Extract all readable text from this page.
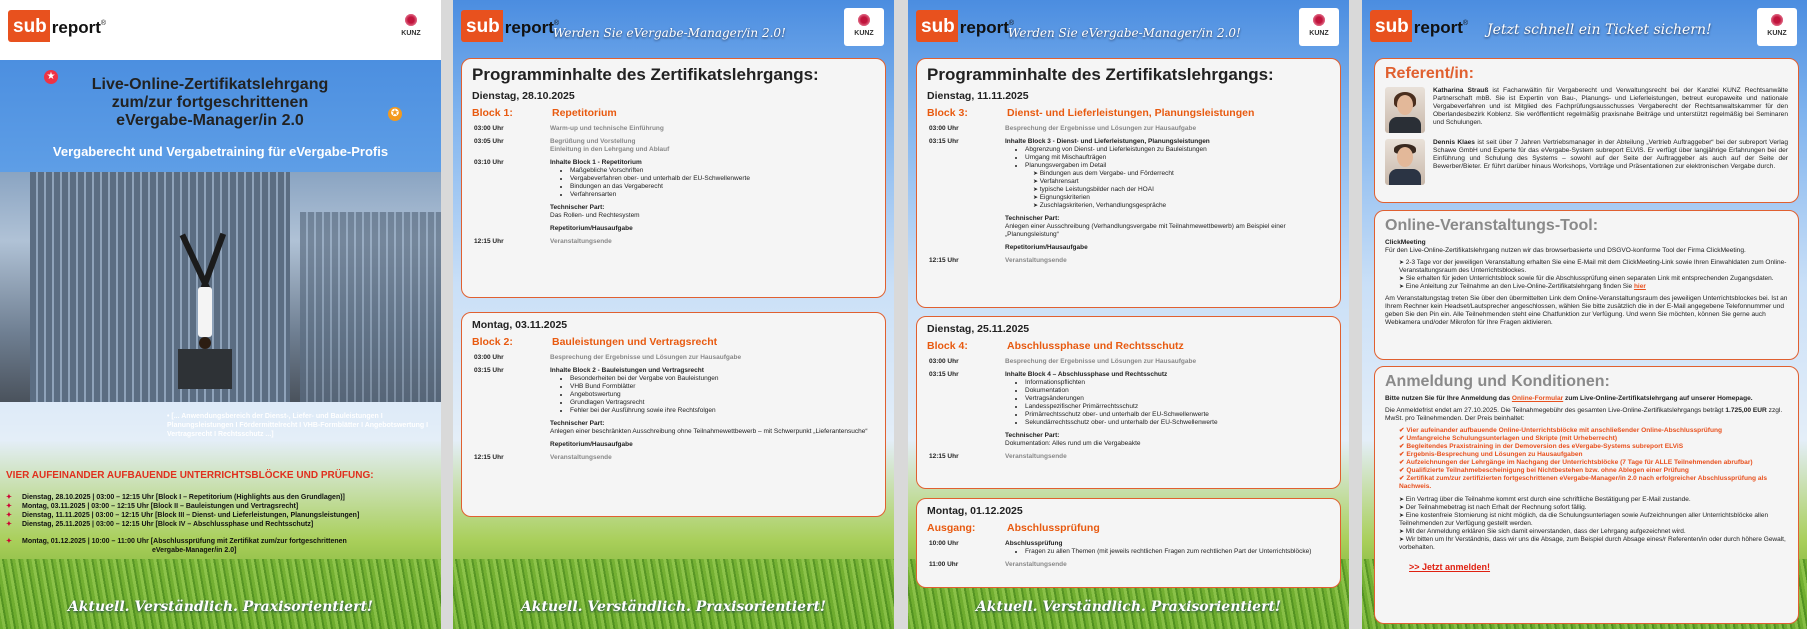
sub report ®
KUNZ
★
✪
Live-Online-Zertifikatslehrgang
zum/zur fortgeschrittenen
eVergabe-Manager/in 2.0
Vergaberecht und Vergabetraining für eVergabe-Profis
• [... Anwendungsbereich der Dienst-, Liefer- und Bauleistungen I Planungsleistungen I Fördermittelrecht I VHB-Formblätter I Angebotswertung I Vertragsrecht I Rechtsschutz ...]
VIER AUFEINANDER AUFBAUENDE UNTERRICHTSBLÖCKE UND PRÜFUNG:
✦	Dienstag, 28.10.2025 | 03:00 – 12:15 Uhr [Block I – Repetitorium (Highlights aus den Grundlagen)]
✦	Montag, 03.11.2025 | 03:00 – 12:15 Uhr [Block II – Bauleistungen und Vertragsrecht]
✦	Dienstag, 11.11.2025 | 03:00 – 12:15 Uhr [Block III – Dienst- und Lieferleistungen, Planungsleistungen]
✦	Dienstag, 25.11.2025 | 03:00 – 12:15 Uhr [Block IV – Abschlussphase und Rechtsschutz]
✦	Montag, 01.12.2025 | 10:00 – 11:00 Uhr [Abschlussprüfung mit Zertifikat zum/zur fortgeschrittenen
eVergabe-Manager/in 2.0]
Aktuell. Verständlich. Praxisorientiert!
sub report ®
Werden Sie eVergabe-Manager/in 2.0!	KUNZ
Programminhalte des Zertifikatslehrgangs:
Dienstag, 28.10.2025
Block 1:	Repetitorium
03:00 Uhr	Warm-up und technische Einführung
03:05 Uhr	Begrüßung und Vorstellung
Einleitung in den Lehrgang und Ablauf
03:10 Uhr	Inhalte Block 1 - Repetitorium
• Maßgebliche Vorschriften
• Vergabeverfahren ober- und unterhalb der EU-Schwellenwerte
• Bindungen an das Vergaberecht
• Verfahrensarten
Technischer Part:
Das Rollen- und Rechtesystem
Repetitorium/Hausaufgabe
12:15 Uhr	Veranstaltungsende
Montag, 03.11.2025
Block 2:	Bauleistungen und Vertragsrecht
03:00 Uhr	Besprechung der Ergebnisse und Lösungen zur Hausaufgabe
03:15 Uhr	Inhalte Block 2 - Bauleistungen und Vertragsrecht
• Besonderheiten bei der Vergabe von Bauleistungen
• VHB Bund Formblätter
• Angebotswertung
• Grundlagen Vertragsrecht
• Fehler bei der Ausführung sowie ihre Rechtsfolgen
Technischer Part:
Anlegen einer beschränkten Ausschreibung ohne Teilnahmewettbewerb – mit Schwerpunkt „Lieferantensuche“
Repetitorium/Hausaufgabe
12:15 Uhr	Veranstaltungsende
Aktuell. Verständlich. Praxisorientiert!
sub report ®
Werden Sie eVergabe-Manager/in 2.0!	KUNZ
Programminhalte des Zertifikatslehrgangs:
Dienstag, 11.11.2025
Block 3:	Dienst- und Lieferleistungen, Planungsleistungen
03:00 Uhr	Besprechung der Ergebnisse und Lösungen zur Hausaufgabe
03:15 Uhr	Inhalte Block 3 - Dienst- und Lieferleistungen, Planungsleistungen
• Abgrenzung von Dienst- und Lieferleistungen zu Bauleistungen
• Umgang mit Mischaufträgen
• Planungsvergaben im Detail
➤ Bindungen aus dem Vergabe- und Förderrecht
➤ Verfahrensart
➤ typische Leistungsbilder nach der HOAI
➤ Eignungskriterien
➤ Zuschlagskriterien, Verhandlungsgespräche
Technischer Part:
Anlegen einer Ausschreibung (Verhandlungsvergabe mit Teilnahmewettbewerb) am Beispiel einer „Planungsleistung“
Repetitorium/Hausaufgabe
12:15 Uhr	Veranstaltungsende
Dienstag, 25.11.2025
Block 4:	Abschlussphase und Rechtsschutz
03:00 Uhr	Besprechung der Ergebnisse und Lösungen zur Hausaufgabe
03:15 Uhr	Inhalte Block 4 – Abschlussphase und Rechtsschutz
• Informationspflichten
• Dokumentation
• Vertragsänderungen
• Landesspezifischer Primärrechtsschutz
• Primärrechtsschutz ober- und unterhalb der EU-Schwellenwerte
• Sekundärrechtsschutz ober- und unterhalb der EU-Schwellenwerte
Technischer Part:
Dokumentation: Alles rund um die Vergabeakte
12:15 Uhr	Veranstaltungsende
Montag, 01.12.2025
Ausgang:	Abschlussprüfung
10:00 Uhr	Abschlussprüfung
• Fragen zu allen Themen (mit jeweils rechtlichen Fragen zum rechtlichen Part der Unterrichtsblöcke)
11:00 Uhr	Veranstaltungsende
Aktuell. Verständlich. Praxisorientiert!
sub report ® Jetzt schnell ein Ticket sichern!	KUNZ
Referent/in:
Katharina Strauß ist Fachanwältin für Vergaberecht und Verwaltungsrecht bei der Kanzlei KUNZ Rechtsanwälte Partnerschaft mbB. Sie ist Expertin von Bau-, Planungs- und Lieferleistungen, betreut europaweite und nationale Vergabeverfahren und ist Mitglied des Fachprüfungsausschusses Vergaberecht der Rechtsanwaltskammer für den Oberlandesbezirk Koblenz. Sie veröffentlicht regelmäßig praxisnahe Beiträge und unterstützt regelmäßig bei Seminaren und Schulungen.
Dennis Klaes ist seit über 7 Jahren Vertriebsmanager in der Abteilung „Vertrieb Auftraggeber“ bei der subreport Verlag Schawe GmbH und Experte für das eVergabe-System subreport ELViS. Er verfügt über langjährige Erfahrungen bei der Einführung und Schulung des Systems – sowohl auf der Seite der Auftraggeber als auch auf der Seite der Bewerber/Bieter. Er führt darüber hinaus Workshops, Vorträge und Präsentationen zur elektronischen Vergabe durch.
Online-Veranstaltungs-Tool:
ClickMeeting
Für den Live-Online-Zertifikatslehrgang nutzen wir das browserbasierte und DSGVO-konforme Tool der Firma ClickMeeting.
➤ 2-3 Tage vor der jeweiligen Veranstaltung erhalten Sie eine E-Mail mit dem ClickMeeting-Link sowie Ihren Einwahldaten zum Online-Veranstaltungsraum des Unterrichtsblockes.
➤ Sie erhalten für jeden Unterrichtsblock sowie für die Abschlussprüfung einen separaten Link mit entsprechenden Zugangsdaten.
➤ Eine Anleitung zur Teilnahme an den Live-Online-Zertifikatslehrgang finden Sie hier
Am Veranstaltungstag treten Sie über den übermittelten Link dem Online-Veranstaltungsraum des jeweiligen Unterrichtsblockes bei. Ist an Ihrem Rechner kein Headset/Lautsprecher angeschlossen, wählen Sie bitte zusätzlich die in der E-Mail angegebene Telefonnummer und geben Sie den Pin ein. Alle Teilnehmenden steht eine Chatfunktion zur Verfügung. Und wenn Sie möchten, können Sie gerne auch Webkamera und/oder Mikrofon für Ihre Fragen aktivieren.
Anmeldung und Konditionen:
Bitte nutzen Sie für Ihre Anmeldung das Online-Formular zum Live-Online-Zertifikatslehrgang auf unserer Homepage.
Die Anmeldefrist endet am 27.10.2025. Die Teilnahmegebühr des gesamten Live-Online-Zertifikatslehrgangs beträgt 1.725,00 EUR zzgl. MwSt. pro Teilnehmenden. Der Preis beinhaltet:
✔ Vier aufeinander aufbauende Online-Unterrichtsblöcke mit anschließender Online-Abschlussprüfung
✔ Umfangreiche Schulungsunterlagen und Skripte (mit Urheberrecht)
✔ Begleitendes Praxistraining in der Demoversion des eVergabe-Systems subreport ELViS
✔ Ergebnis-Besprechung und Lösungen zu Hausaufgaben
✔ Aufzeichnungen der Lehrgänge im Nachgang der Unterrichtsblöcke (7 Tage für ALLE Teilnehmenden abrufbar)
✔ Qualifizierte Teilnahmebescheinigung bei Nichtbestehen bzw. ohne Ablegen einer Prüfung
✔ Zertifikat zum/zur zertifizierten fortgeschrittenen eVergabe-Manager/in 2.0 nach erfolgreicher Abschlussprüfung als Nachweis.
➤ Ein Vertrag über die Teilnahme kommt erst durch eine schriftliche Bestätigung per E-Mail zustande.
➤ Der Teilnahmebetrag ist nach Erhalt der Rechnung sofort fällig.
➤ Eine kostenfreie Stornierung ist nicht möglich, da die Schulungsunterlagen sowie Aufzeichnungen aller Unterrichtsblöcke allen Teilnehmenden zur Verfügung gestellt werden.
➤ Mit der Anmeldung erklären Sie sich damit einverstanden, dass der Lehrgang aufgezeichnet wird.
➤ Wir bitten um Ihr Verständnis, dass wir uns die Absage, zum Beispiel durch Absage eines/r Referenten/in oder durch höhere Gewalt, vorbehalten.
>> Jetzt anmelden!
